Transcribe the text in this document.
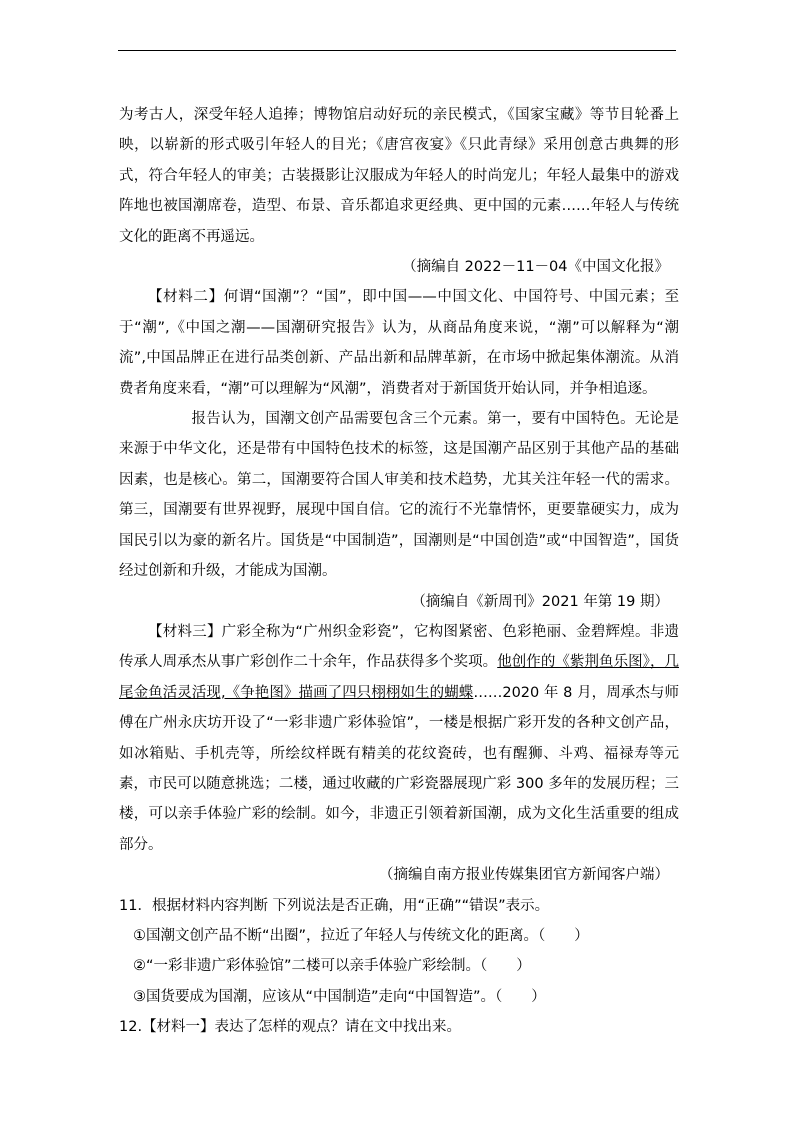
为考古人，深受年轻人追捧；博物馆启动好玩的亲民模式，《国家宝藏》等节目轮番上映，以崭新的形式吸引年轻人的目光；《唐宫夜宴》《只此青绿》采用创意古典舞的形式，符合年轻人的审美；古装摄影让汉服成为年轻人的时尚宠儿；年轻人最集中的游戏阵地也被国潮席卷，造型、布景、音乐都追求更经典、更中国的元素……年轻人与传统文化的距离不再遥远。

（摘编自 2022－11－04《中国文化报》

【材料二】何谓“国潮”？“国”，即中国——中国文化、中国符号、中国元素；至于“潮”,《中国之潮——国潮研究报告》认为，从商品角度来说，“潮”可以解释为“潮流”,中国品牌正在进行品类创新、产品出新和品牌革新，在市场中掀起集体潮流。从消费者角度来看，“潮”可以理解为“风潮”，消费者对于新国货开始认同，并争相追逐。

报告认为，国潮文创产品需要包含三个元素。第一，要有中国特色。无论是来源于中华文化，还是带有中国特色技术的标签，这是国潮产品区别于其他产品的基础因素，也是核心。第二，国潮要符合国人审美和技术趋势，尤其关注年轻一代的需求。第三，国潮要有世界视野，展现中国自信。它的流行不光靠情怀，更要靠硬实力，成为国民引以为豪的新名片。国货是“中国制造”，国潮则是“中国创造”或“中国智造”，国货经过创新和升级，才能成为国潮。

（摘编自《新周刊》2021 年第 19 期）

【材料三】广彩全称为“广州织金彩瓷”，它构图紧密、色彩艳丽、金碧辉煌。非遗传承人周承杰从事广彩创作二十余年，作品获得多个奖项。他创作的《紫荆鱼乐图》，几尾金鱼活灵活现,《争艳图》描画了四只栩栩如生的蝴蝶……2020 年 8 月，周承杰与师傅在广州永庆坊开设了“一彩非遗广彩体验馆”，一楼是根据广彩开发的各种文创产品，如冰箱贴、手机壳等，所绘纹样既有精美的花纹瓷砖，也有醒狮、斗鸡、福禄寿等元素，市民可以随意挑选；二楼，通过收藏的广彩瓷器展现广彩 300 多年的发展历程；三楼，可以亲手体验广彩的绘制。如今，非遗正引领着新国潮，成为文化生活重要的组成部分。

（摘编自南方报业传媒集团官方新闻客户端）

11．根据材料内容判断 下列说法是否正确，用“正确”“错误”表示。

①国潮文创产品不断“出圈”，拉近了年轻人与传统文化的距离。（　　）

②“一彩非遗广彩体验馆”二楼可以亲手体验广彩绘制。（　　）

③国货要成为国潮，应该从“中国制造”走向“中国智造”。（　　）

12.【材料一】表达了怎样的观点？请在文中找出来。
